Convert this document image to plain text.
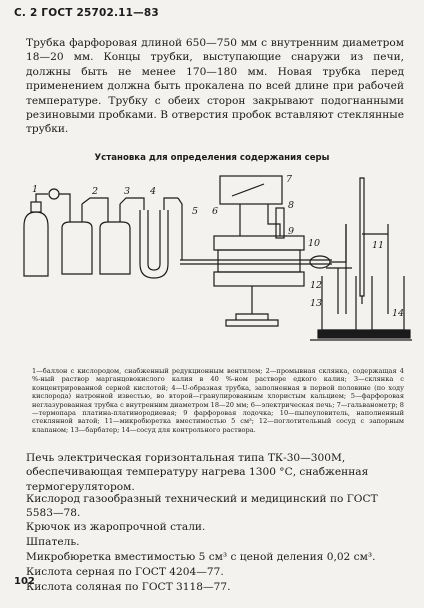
С. 2 ГОСТ 25702.11—83

Трубка фарфоровая длиной 650—750 мм с внутренним диаметром 18—20 мм. Концы трубки, выступающие снаружи из печи, должны быть не менее 170—180 мм. Новая трубка перед применением должна быть прокалена по всей длине при рабочей температуре. Трубку с обеих сторон закрывают подогнанными резиновыми пробками. В отверстия пробок вставляют стеклянные трубки.

Установка для определения содержания серы
1	2	3 4
5 6
7
8
9
10	11
12
13
14

1—баллон с кислородом, снабженный редукционным вентилем; 2—промывная склянка, содержащая 4 %-ный раствор марганцовокислого калия в 40 %-ном растворе едкого калия; 3—склянка с концентрированной серной кислотой; 4—U-образная трубка, заполненная в первой половине (по ходу кислорода) натронной известью, во второй—гранулированным хлористым кальцием; 5—фарфоровая неглазурованная трубка с внутренним диаметром 18—20 мм; 6—электрическая печь; 7—гальванометр; 8—термопара платина-платинородиевая; 9 фарфоровая лодочка; 10—пылеуловитель, наполненный стеклянной ватой; 11—микробюретка вместимостью 5 см³; 12—поглотительный сосуд с запорным клапаном; 13—барбатер; 14—сосуд для контрольного раствора.

Печь электрическая горизонтальная типа ТК-30—300М, обеспечивающая температуру нагрева 1300 °С, снабженная термогерулятором.

Кислород газообразный технический и медицинский по ГОСТ 5583—78.

Крючок из жаропрочной стали.

Шпатель.

Микробюретка вместимостью 5 см³ с ценой деления 0,02 см³.

Кислота серная по ГОСТ 4204—77.

Кислота соляная по ГОСТ 3118—77.

102
